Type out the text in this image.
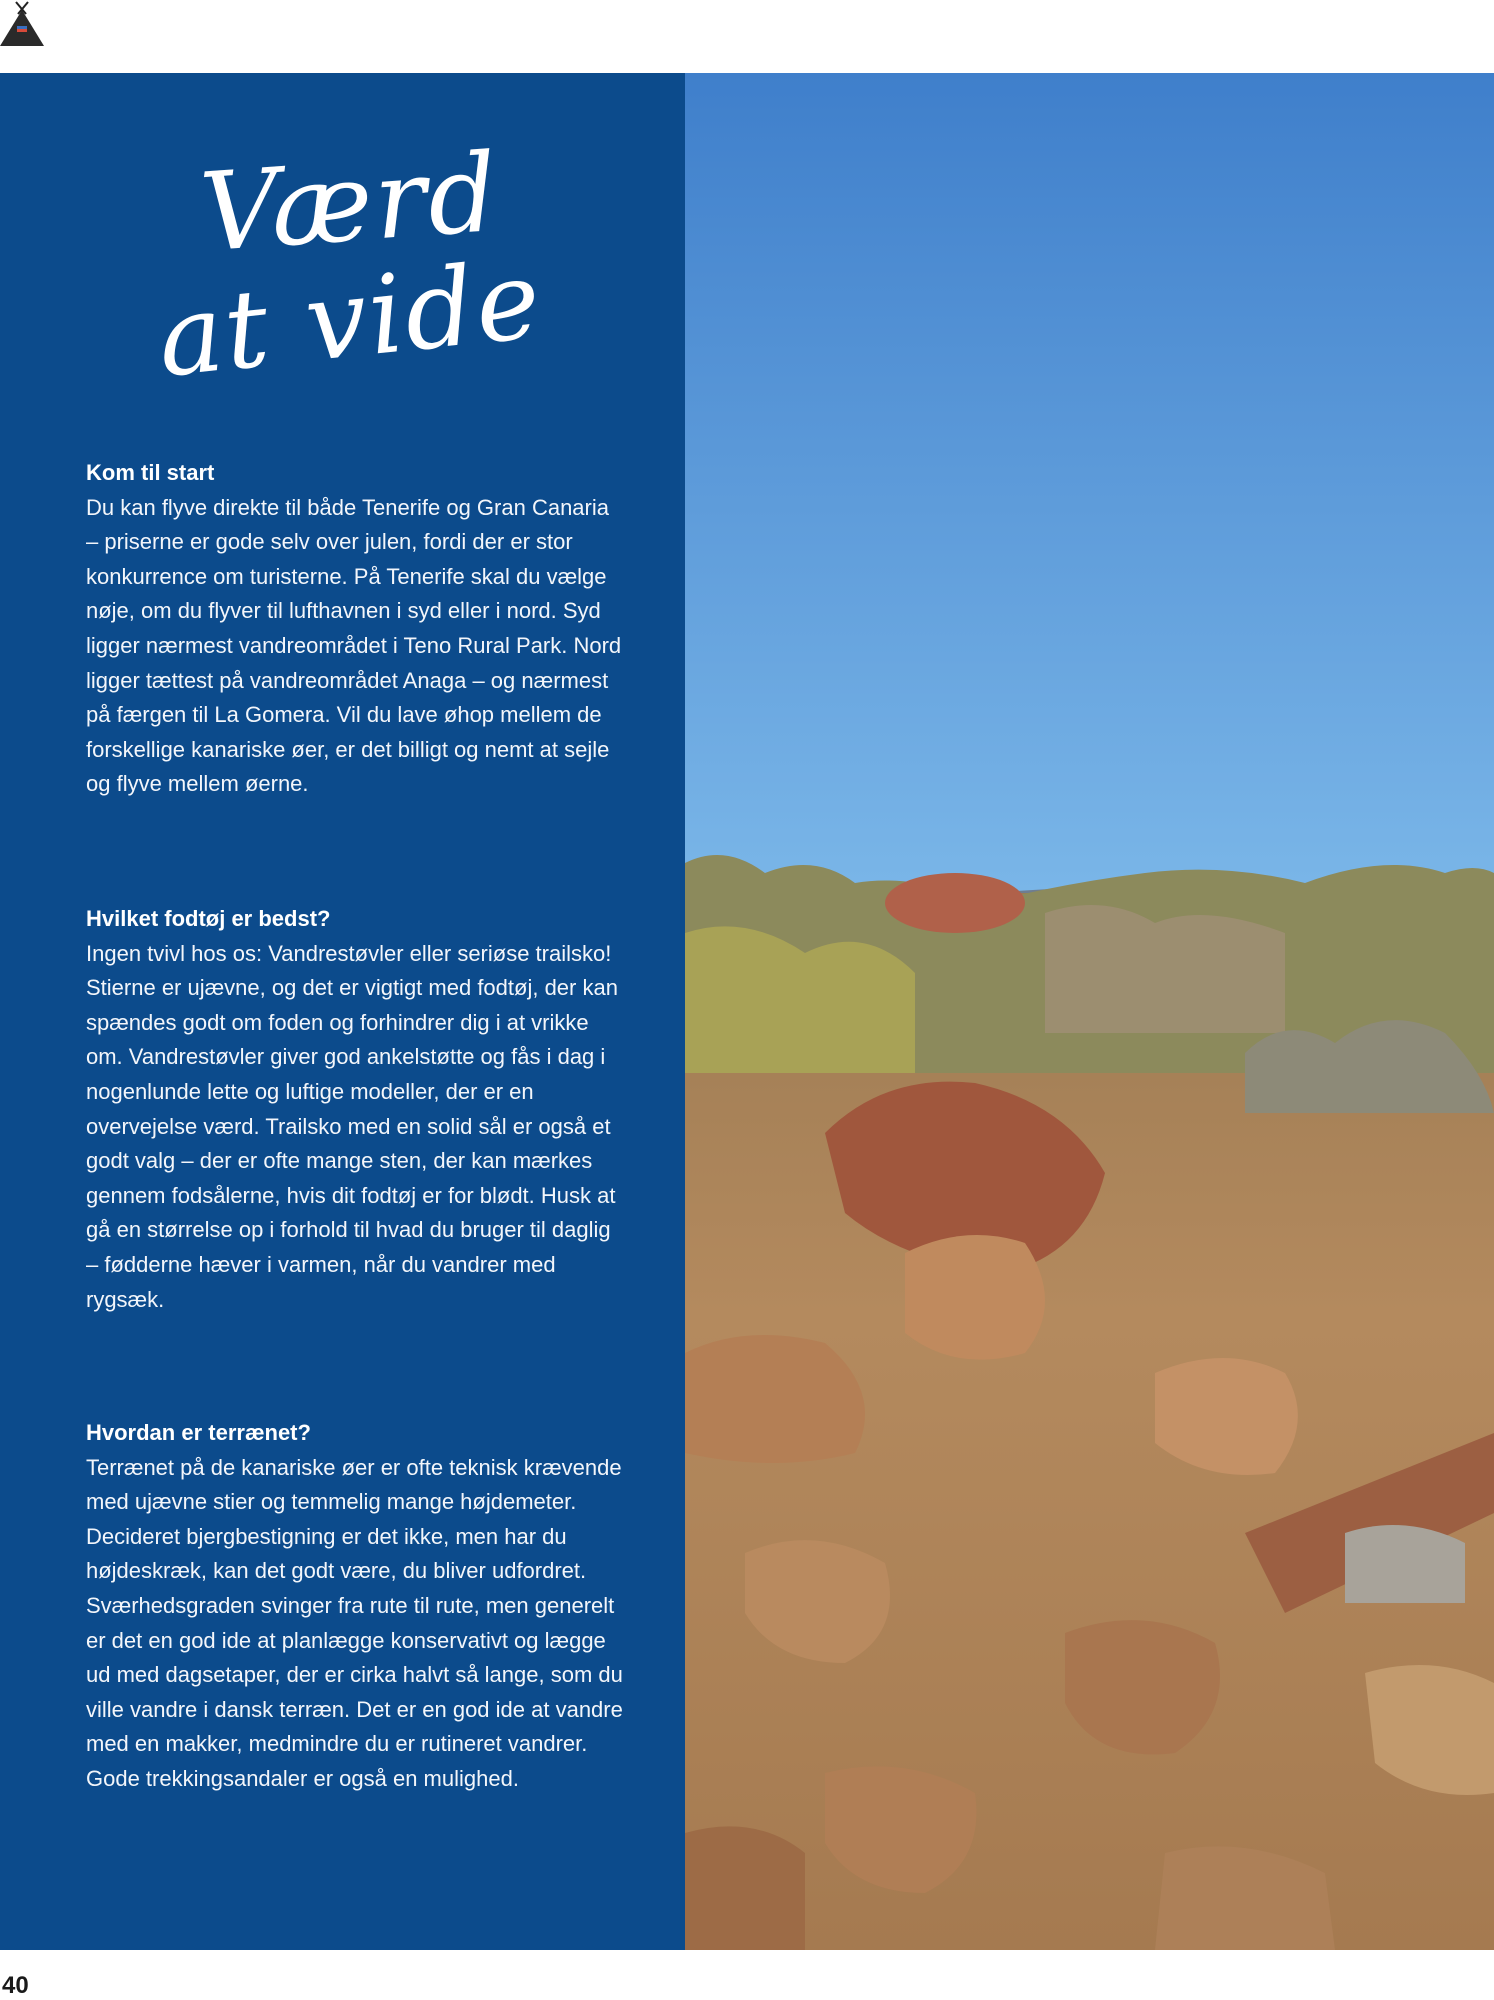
Værd
at vide
Kom til start

Du kan flyve direkte til både Tenerife og Gran Canaria – priserne er gode selv over julen, fordi der er stor konkurrence om turisterne. På Tenerife skal du vælge nøje, om du flyver til lufthavnen i syd eller i nord. Syd ligger nærmest vandreområdet i Teno Rural Park. Nord ligger tættest på vandreområdet Anaga – og nærmest på færgen til La Gomera. Vil du lave øhop mellem de forskellige kanariske øer, er det billigt og nemt at sejle og flyve mellem øerne.

Hvilket fodtøj er bedst?

Ingen tvivl hos os: Vandrestøvler eller seriøse trailsko! Stierne er ujævne, og det er vigtigt med fodtøj, der kan spændes godt om foden og forhindrer dig i at vrikke om. Vandrestøvler giver god ankelstøtte og fås i dag i nogenlunde lette og luftige modeller, der er en overvejelse værd. Trailsko med en solid sål er også et godt valg – der er ofte mange sten, der kan mærkes gennem fodsålerne, hvis dit fodtøj er for blødt. Husk at gå en størrelse op i forhold til hvad du bruger til daglig – fødderne hæver i varmen, når du vandrer med rygsæk.

Hvordan er terrænet?

Terrænet på de kanariske øer er ofte teknisk krævende med ujævne stier og temmelig mange højdemeter. Decideret bjergbestigning er det ikke, men har du højdeskræk, kan det godt være, du bliver udfordret. Sværhedsgraden svinger fra rute til rute, men generelt er det en god ide at planlægge konservativt og lægge ud med dagsetaper, der er cirka halvt så lange, som du ville vandre i dansk terræn. Det er en god ide at vandre med en makker, medmindre du er rutineret vandrer. Gode trekkingsandaler er også en mulighed.

40
